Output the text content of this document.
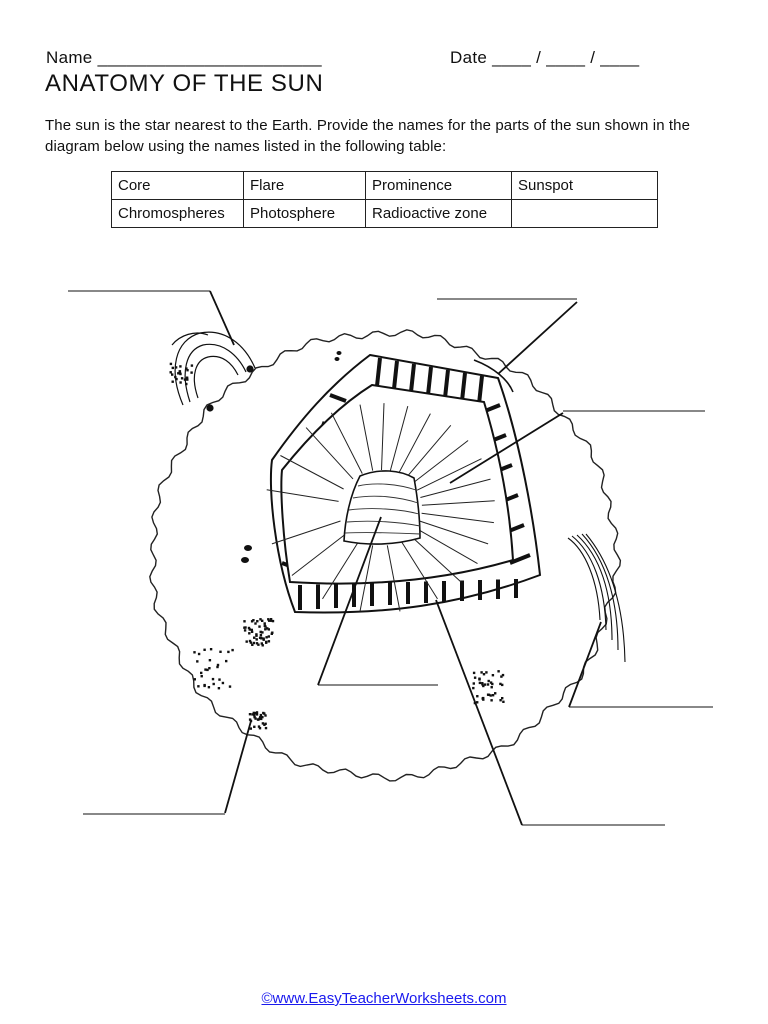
Name _______________________	Date ____ / ____ / ____
ANATOMY OF THE SUN

The sun is the star nearest to the Earth. Provide the names for the parts of the sun shown in the diagram below using the names listed in the following table:

Core	Flare	Prominence	Sunspot
Chromospheres	Photosphere	Radioactive zone	
©www.EasyTeacherWorksheets.com
